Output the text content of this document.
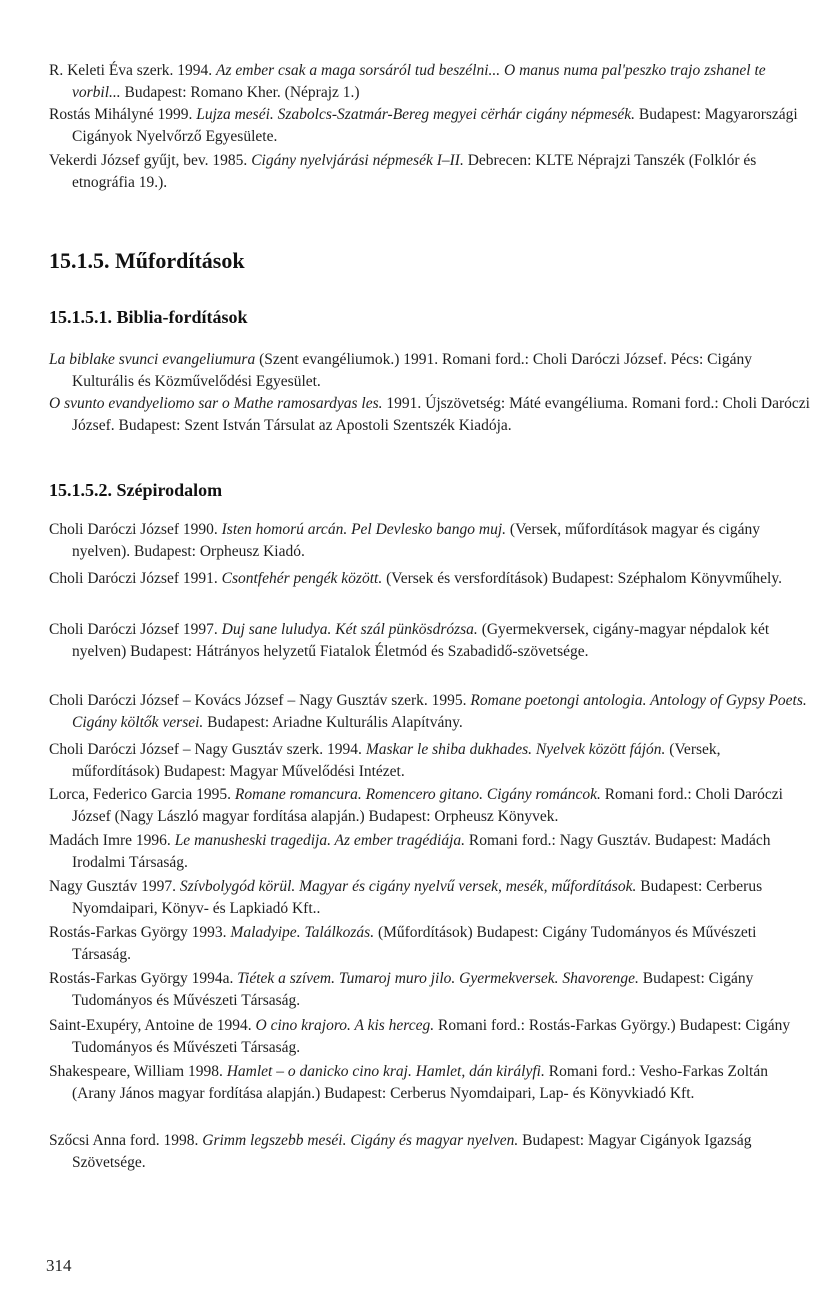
R. Keleti Éva szerk. 1994. Az ember csak a maga sorsáról tud beszélni... O manus numa pal'peszko trajo zshanel te vorbil... Budapest: Romano Kher. (Néprajz 1.)
Rostás Mihályné 1999. Lujza meséi. Szabolcs-Szatmár-Bereg megyei cërhár cigány népmesék. Budapest: Magyarországi Cigányok Nyelvőrző Egyesülete.
Vekerdi József gyűjt, bev. 1985. Cigány nyelvjárási népmesék I–II. Debrecen: KLTE Néprajzi Tanszék (Folklór és etnográfia 19.).
15.1.5. Műfordítások
15.1.5.1. Biblia-fordítások
La biblake svunci evangeliumura (Szent evangéliumok.) 1991. Romani ford.: Choli Daróczi József. Pécs: Cigány Kulturális és Közművelődési Egyesület.
O svunto evandyeliomo sar o Mathe ramosardyas les. 1991. Újszövetség: Máté evangéliuma. Romani ford.: Choli Daróczi József. Budapest: Szent István Társulat az Apostoli Szentszék Kiadója.
15.1.5.2. Szépirodalom
Choli Daróczi József 1990. Isten homorú arcán. Pel Devlesko bango muj. (Versek, műfordítások magyar és cigány nyelven). Budapest: Orpheusz Kiadó.
Choli Daróczi József 1991. Csontfehér pengék között. (Versek és versfordítások) Budapest: Széphalom Könyvműhely.
Choli Daróczi József 1997. Duj sane luludya. Két szál pünkösdrózsa. (Gyermekversek, cigány-magyar népdalok két nyelven) Budapest: Hátrányos helyzetű Fiatalok Életmód és Szabadidő-szövetsége.
Choli Daróczi József – Kovács József – Nagy Gusztáv szerk. 1995. Romane poetongi antologia. Antology of Gypsy Poets. Cigány költők versei. Budapest: Ariadne Kulturális Alapítvány.
Choli Daróczi József – Nagy Gusztáv szerk. 1994. Maskar le shiba dukhades. Nyelvek között fájón. (Versek, műfordítások) Budapest: Magyar Művelődési Intézet.
Lorca, Federico Garcia 1995. Romane romancura. Romencero gitano. Cigány románcok. Romani ford.: Choli Daróczi József (Nagy László magyar fordítása alapján.) Budapest: Orpheusz Könyvek.
Madách Imre 1996. Le manusheski tragedija. Az ember tragédiája. Romani ford.: Nagy Gusztáv. Budapest: Madách Irodalmi Társaság.
Nagy Gusztáv 1997. Szívbolygód körül. Magyar és cigány nyelvű versek, mesék, műfordítások. Budapest: Cerberus Nyomdaipari, Könyv- és Lapkiadó Kft..
Rostás-Farkas György 1993. Maladyipe. Találkozás. (Műfordítások) Budapest: Cigány Tudományos és Művészeti Társaság.
Rostás-Farkas György 1994a. Tiétek a szívem. Tumaroj muro jilo. Gyermekversek. Shavorenge. Budapest: Cigány Tudományos és Művészeti Társaság.
Saint-Exupéry, Antoine de 1994. O cino krajoro. A kis herceg. Romani ford.: Rostás-Farkas György.) Budapest: Cigány Tudományos és Művészeti Társaság.
Shakespeare, William 1998. Hamlet – o danicko cino kraj. Hamlet, dán királyfi. Romani ford.: Vesho-Farkas Zoltán (Arany János magyar fordítása alapján.) Budapest: Cerberus Nyomdaipari, Lap- és Könyvkiadó Kft.
Szőcsi Anna ford. 1998. Grimm legszebb meséi. Cigány és magyar nyelven. Budapest: Magyar Cigányok Igazság Szövetsége.
314
